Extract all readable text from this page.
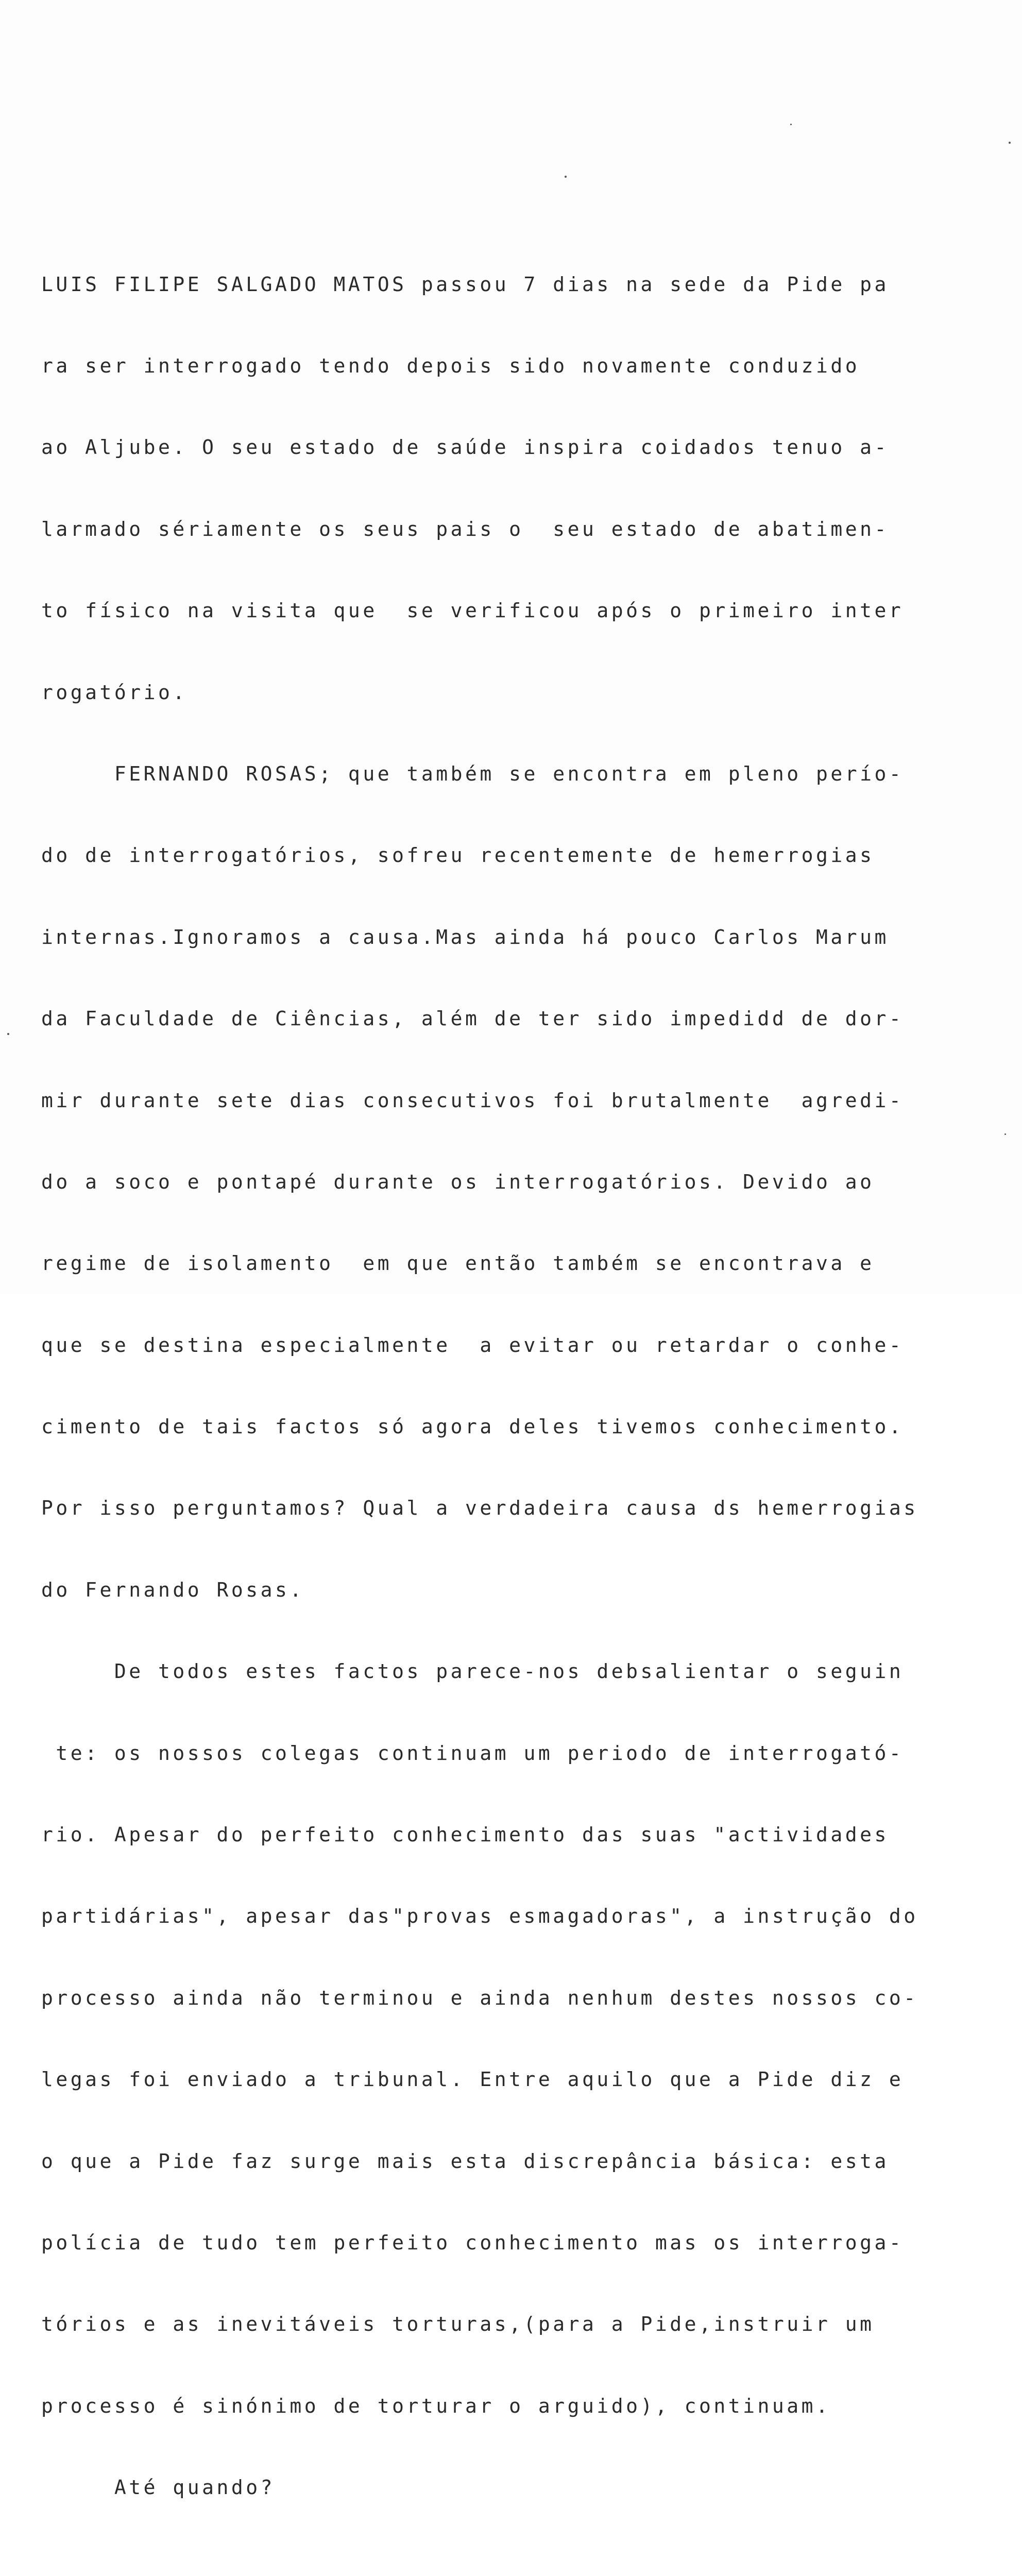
LUIS FILIPE SALGADO MATOS passou 7 dias na sede da Pide pa

ra ser interrogado tendo depois sido novamente conduzido

ao Aljube. O seu estado de saúde inspira coidados tenuo a-

larmado sériamente os seus pais o  seu estado de abatimen-

to físico na visita que  se verificou após o primeiro inter

rogatório.

FERNANDO ROSAS; que também se encontra em pleno perío-

do de interrogatórios, sofreu recentemente de hemerrogias

internas.Ignoramos a causa.Mas ainda há pouco Carlos Marum

da Faculdade de Ciências, além de ter sido impedidd de dor-

mir durante sete dias consecutivos foi brutalmente  agredi-

do a soco e pontapé durante os interrogatórios. Devido ao

regime de isolamento  em que então também se encontrava e

que se destina especialmente  a evitar ou retardar o conhe-

cimento de tais factos só agora deles tivemos conhecimento.

Por isso perguntamos? Qual a verdadeira causa ds hemerrogias

do Fernando Rosas.

De todos estes factos parece-nos debsalientar o seguin

te: os nossos colegas continuam um periodo de interrogató-

rio. Apesar do perfeito conhecimento das suas "actividades

partidárias", apesar das"provas esmagadoras", a instrução do

processo ainda não terminou e ainda nenhum destes nossos co-

legas foi enviado a tribunal. Entre aquilo que a Pide diz e

o que a Pide faz surge mais esta discrepância básica: esta

polícia de tudo tem perfeito conhecimento mas os interroga-

tórios e as inevitáveis torturas,(para a Pide,instruir um

processo é sinónimo de torturar o arguido), continuam.

Até quando?
